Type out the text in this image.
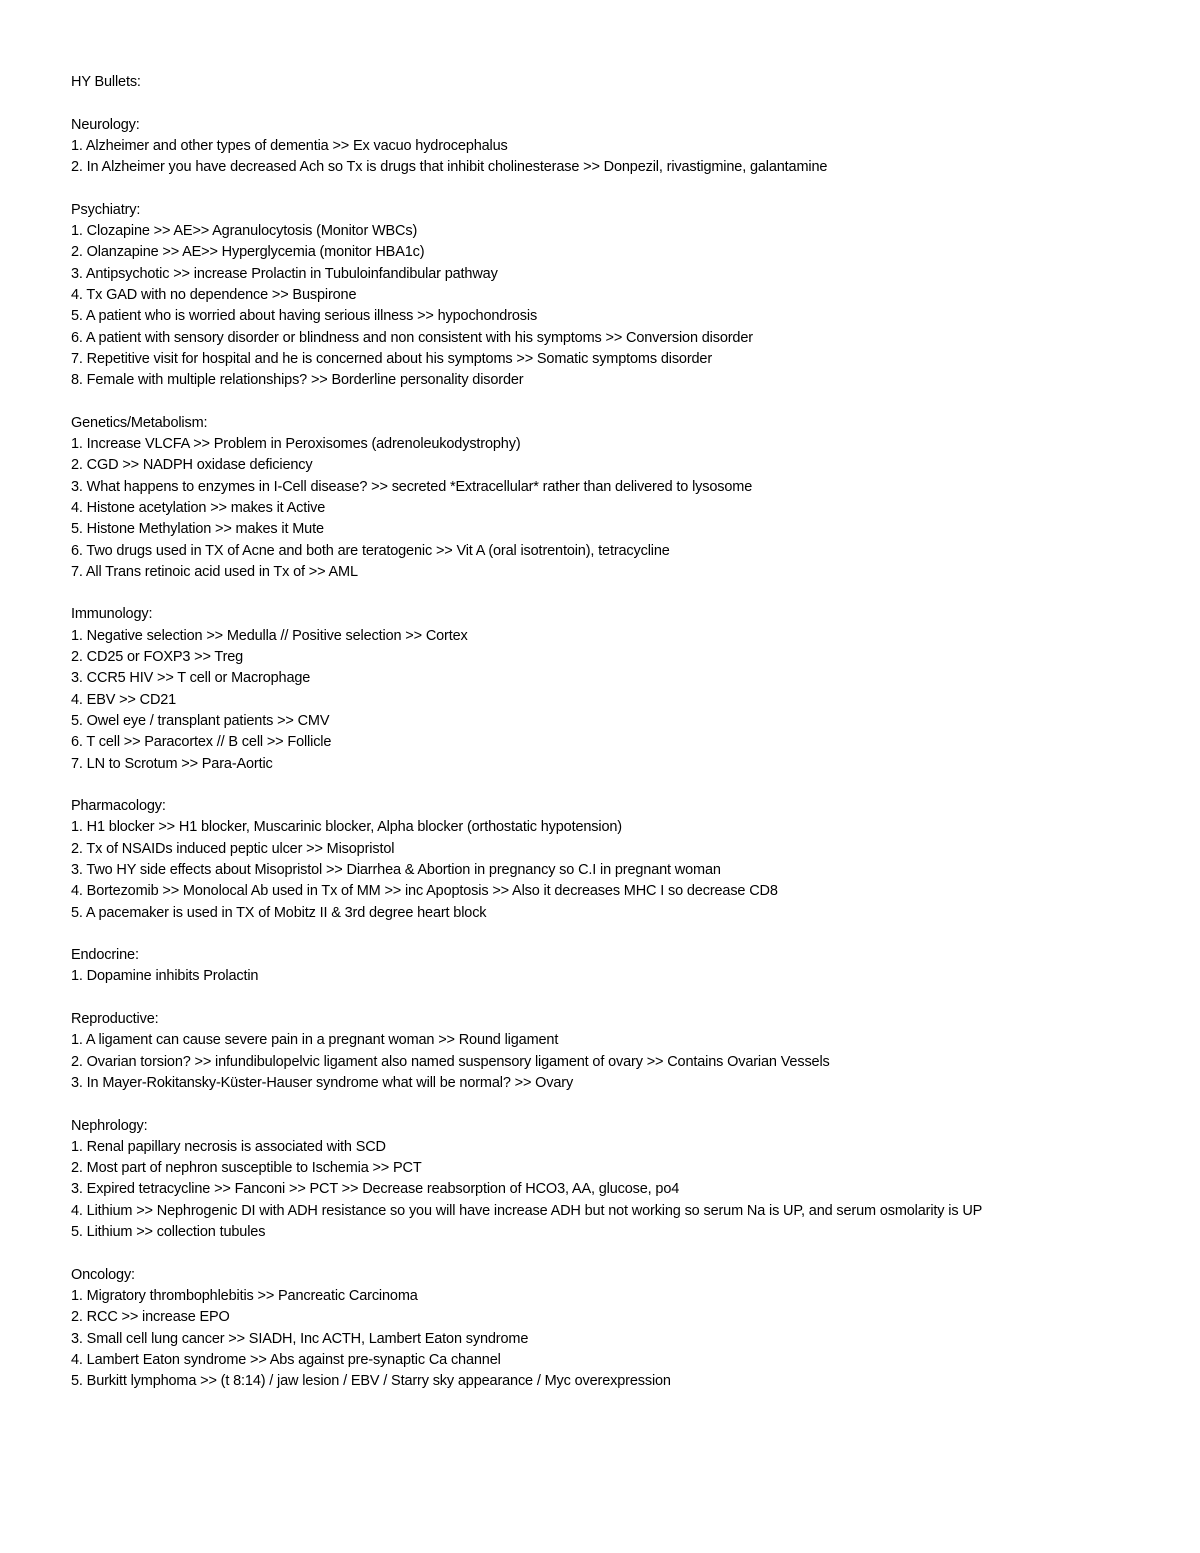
HY Bullets:

Neurology:

1. Alzheimer and other types of dementia >> Ex vacuo hydrocephalus

2. In Alzheimer you have decreased Ach so Tx is drugs that inhibit cholinesterase >> Donpezil, rivastigmine, galantamine

Psychiatry:

1. Clozapine >> AE>> Agranulocytosis (Monitor WBCs)

2. Olanzapine >> AE>> Hyperglycemia (monitor HBA1c)

3. Antipsychotic >> increase Prolactin in Tubuloinfandibular pathway

4. Tx GAD with no dependence >> Buspirone

5. A patient who is worried about having serious illness >> hypochondrosis

6. A patient with sensory disorder or blindness and non consistent with his symptoms >> Conversion disorder

7. Repetitive visit for hospital and he is concerned about his symptoms >> Somatic symptoms disorder

8. Female with multiple relationships? >> Borderline personality disorder

Genetics/Metabolism:

1. Increase VLCFA >> Problem in Peroxisomes (adrenoleukodystrophy)

2. CGD >> NADPH oxidase deficiency

3. What happens to enzymes in I-Cell disease? >> secreted *Extracellular* rather than delivered to lysosome

4. Histone acetylation >> makes it Active

5. Histone Methylation >> makes it Mute

6. Two drugs used in TX of Acne and both are teratogenic >> Vit A (oral isotrentoin), tetracycline

7. All Trans retinoic acid used in Tx of >> AML

Immunology:

1. Negative selection >> Medulla // Positive selection >> Cortex

2. CD25 or FOXP3 >> Treg

3. CCR5 HIV >> T cell or Macrophage

4. EBV >> CD21

5. Owel eye / transplant patients >> CMV

6. T cell >> Paracortex // B cell >> Follicle

7. LN to Scrotum >> Para-Aortic

Pharmacology:

1. H1 blocker >> H1 blocker, Muscarinic blocker, Alpha blocker (orthostatic hypotension)

2. Tx of NSAIDs induced peptic ulcer >> Misopristol

3. Two HY side effects about Misopristol >> Diarrhea & Abortion in pregnancy so C.I in pregnant woman

4. Bortezomib >> Monolocal Ab used in Tx of MM >> inc Apoptosis >> Also it decreases MHC I so decrease CD8

5. A pacemaker is used in TX of Mobitz II & 3rd degree heart block

Endocrine:

1. Dopamine inhibits Prolactin

Reproductive:

1. A ligament can cause severe pain in a pregnant woman >> Round ligament

2. Ovarian torsion? >> infundibulopelvic ligament also named suspensory ligament of ovary >> Contains Ovarian Vessels

3. In Mayer-Rokitansky-Küster-Hauser syndrome what will be normal? >> Ovary

Nephrology:

1. Renal papillary necrosis is associated with SCD

2. Most part of nephron susceptible to Ischemia >> PCT

3. Expired tetracycline >> Fanconi >> PCT >> Decrease reabsorption of HCO3, AA, glucose, po4

4. Lithium >> Nephrogenic DI with ADH resistance so you will have increase ADH but not working so serum Na is UP, and serum osmolarity is UP

5. Lithium >> collection tubules

Oncology:

1. Migratory thrombophlebitis >> Pancreatic Carcinoma

2. RCC >> increase EPO

3. Small cell lung cancer >> SIADH, Inc ACTH, Lambert Eaton syndrome

4. Lambert Eaton syndrome >> Abs against pre-synaptic Ca channel

5. Burkitt lymphoma >> (t 8:14) / jaw lesion / EBV / Starry sky appearance / Myc overexpression
